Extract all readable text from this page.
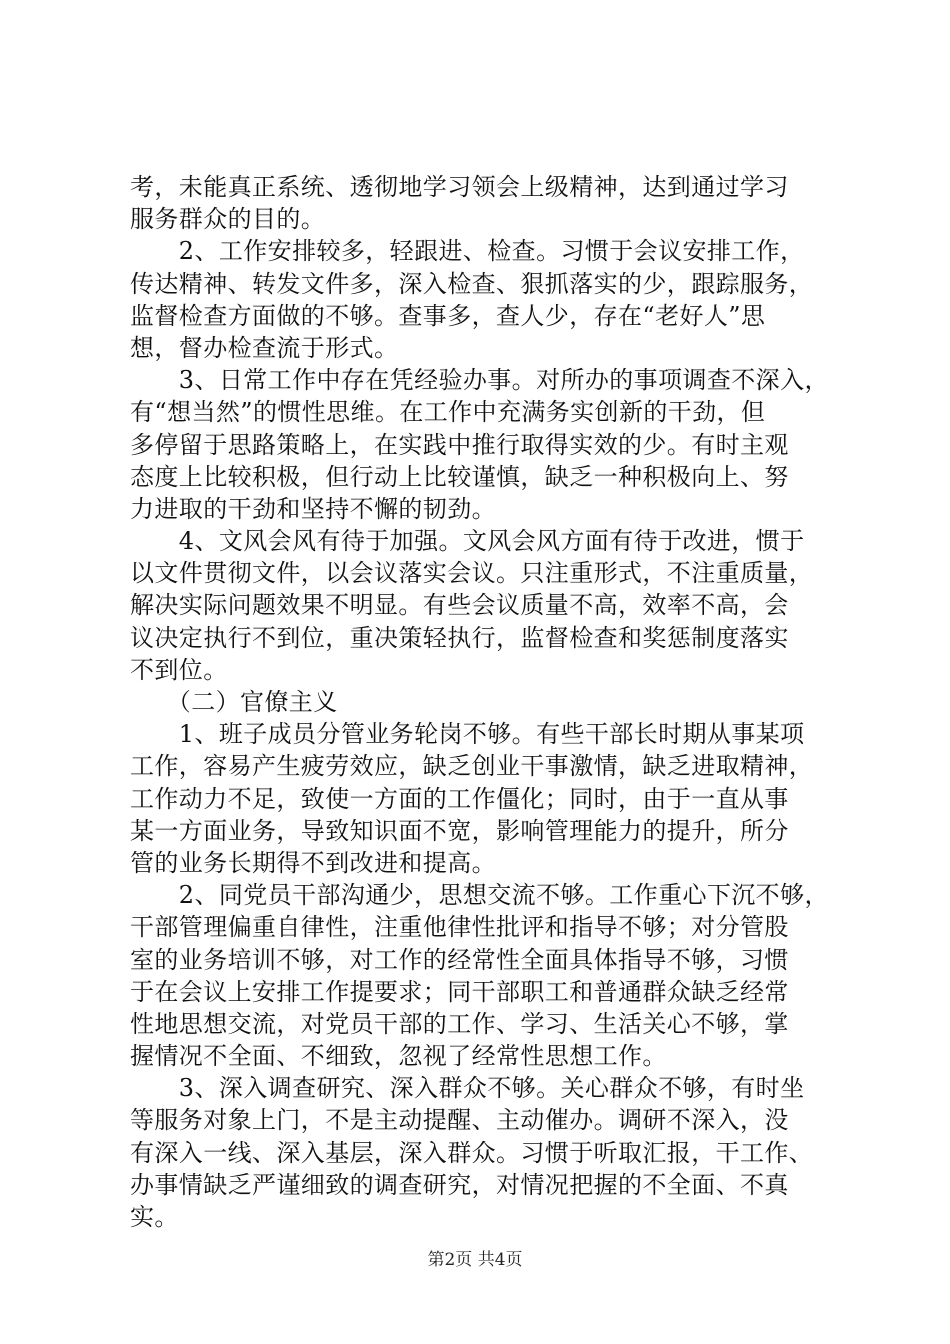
考，未能真正系统、透彻地学习领会上级精神，达到通过学习
服务群众的目的。
　　2、工作安排较多，轻跟进、检查。习惯于会议安排工作，
传达精神、转发文件多，深入检查、狠抓落实的少，跟踪服务，
监督检查方面做的不够。查事多，查人少，存在“老好人”思
想，督办检查流于形式。
　　3、日常工作中存在凭经验办事。对所办的事项调查不深入，
有“想当然”的惯性思维。在工作中充满务实创新的干劲，但
多停留于思路策略上，在实践中推行取得实效的少。有时主观
态度上比较积极，但行动上比较谨慎，缺乏一种积极向上、努
力进取的干劲和坚持不懈的韧劲。
　　4、文风会风有待于加强。文风会风方面有待于改进，惯于
以文件贯彻文件，以会议落实会议。只注重形式，不注重质量，
解决实际问题效果不明显。有些会议质量不高，效率不高，会
议决定执行不到位，重决策轻执行，监督检查和奖惩制度落实
不到位。
　　（二）官僚主义
　　1、班子成员分管业务轮岗不够。有些干部长时期从事某项
工作，容易产生疲劳效应，缺乏创业干事激情，缺乏进取精神，
工作动力不足，致使一方面的工作僵化；同时，由于一直从事
某一方面业务，导致知识面不宽，影响管理能力的提升，所分
管的业务长期得不到改进和提高。
　　2、同党员干部沟通少，思想交流不够。工作重心下沉不够，
干部管理偏重自律性，注重他律性批评和指导不够；对分管股
室的业务培训不够，对工作的经常性全面具体指导不够，习惯
于在会议上安排工作提要求；同干部职工和普通群众缺乏经常
性地思想交流，对党员干部的工作、学习、生活关心不够，掌
握情况不全面、不细致，忽视了经常性思想工作。
　　3、深入调查研究、深入群众不够。关心群众不够，有时坐
等服务对象上门，不是主动提醒、主动催办。调研不深入，没
有深入一线、深入基层，深入群众。习惯于听取汇报，干工作、
办事情缺乏严谨细致的调查研究，对情况把握的不全面、不真
实。
第2页 共4页
